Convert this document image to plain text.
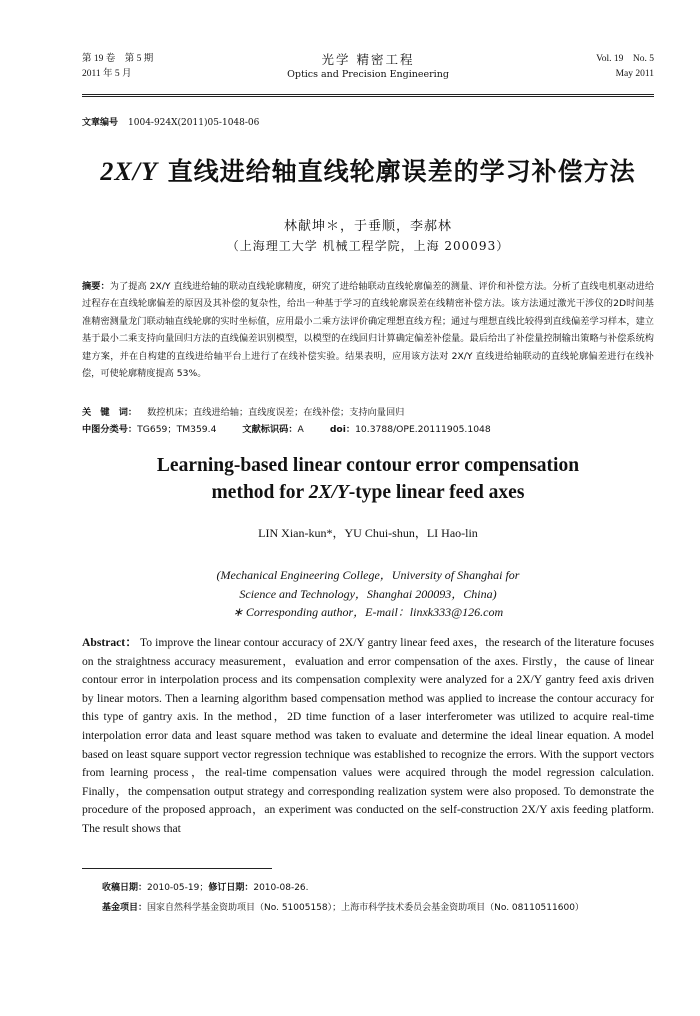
第 19 卷　第 5 期
2011 年 5 月
光学 精密工程
Optics and Precision Engineering
Vol. 19　No. 5
May 2011
文章编号 1004-924X(2011)05-1048-06
2X/Y 直线进给轴直线轮廓误差的学习补偿方法
林献坤＊，于垂顺，李郝林
（上海理工大学 机械工程学院，上海 200093）
摘要：为了提高 2X/Y 直线进给轴的联动直线轮廓精度，研究了进给轴联动直线轮廓偏差的测量、评价和补偿方法。分析了直线电机驱动进给过程存在直线轮廓偏差的原因及其补偿的复杂性，给出一种基于学习的直线轮廓误差在线精密补偿方法。该方法通过激光干涉仪的2D时间基准精密测量龙门联动轴直线轮廓的实时坐标值，应用最小二乘方法评价确定理想直线方程；通过与理想直线比较得到直线偏差学习样本，建立基于最小二乘支持向量回归方法的直线偏差识别模型，以模型的在线回归计算确定偏差补偿量。最后给出了补偿量控制输出策略与补偿系统构建方案，并在自构建的直线进给轴平台上进行了在线补偿实验。结果表明，应用该方法对 2X/Y 直线进给轴联动的直线轮廓偏差进行在线补偿，可使轮廓精度提高 53%。
关　键　词： 数控机床；直线进给轴；直线度误差；在线补偿；支持向量回归
中图分类号：TG659；TM359.4	文献标识码：A	doi：10.3788/OPE.20111905.1048
Learning-based linear contour error compensation
method for 2X/Y-type linear feed axes
LIN Xian-kun*，YU Chui-shun，LI Hao-lin
(Mechanical Engineering College，University of Shanghai for
Science and Technology，Shanghai 200093，China)
∗ Corresponding author，E-mail：linxk333@126.com
Abstract： To improve the linear contour accuracy of 2X/Y gantry linear feed axes，the research of the literature focuses on the straightness accuracy measurement，evaluation and error compensation of the axes. Firstly，the cause of linear contour error in interpolation process and its compensation complexity were analyzed for a 2X/Y gantry feed axis driven by linear motors. Then a learning algorithm based compensation method was applied to increase the contour accuracy for this type of gantry axis. In the method，2D time function of a laser interferometer was utilized to acquire real-time interpolation error data and least square method was taken to evaluate and determine the ideal linear equation. A model based on least square support vector regression technique was established to recognize the errors. With the support vectors from learning process，the real-time compensation values were acquired through the model regression calculation. Finally，the compensation output strategy and corresponding realization system were also proposed. To demonstrate the procedure of the proposed approach，an experiment was conducted on the self-construction 2X/Y axis feeding platform. The result shows that
收稿日期：2010-05-19；修订日期：2010-08-26.
基金项目：国家自然科学基金资助项目（No. 51005158）；上海市科学技术委员会基金资助项目（No. 08110511600）
